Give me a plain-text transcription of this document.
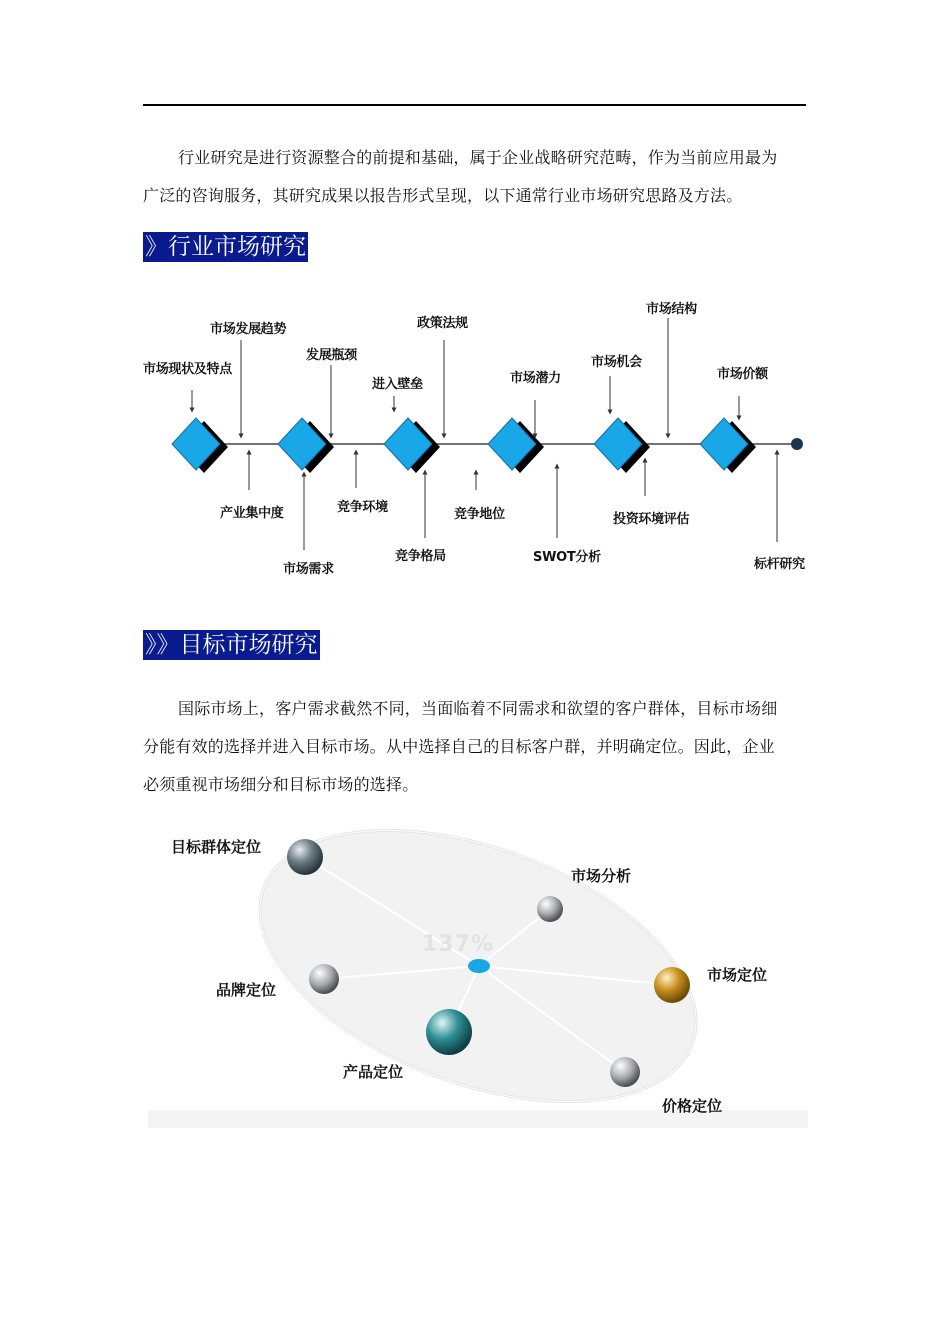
行业研究是进行资源整合的前提和基础，属于企业战略研究范畴，作为当前应用最为
广泛的咨询服务，其研究成果以报告形式呈现，以下通常行业市场研究思路及方法。

》行业市场研究
市场现状及特点
市场发展趋势
发展瓶颈
进入壁垒
政策法规
市场潜力
市场机会
市场结构
市场价额
产业集中度
市场需求
竞争环境
竞争格局
竞争地位
SWOT分析
投资环境评估
标杆研究
》》目标市场研究

国际市场上，客户需求截然不同，当面临着不同需求和欲望的客户群体，目标市场细
分能有效的选择并进入目标市场。从中选择自己的目标客户群，并明确定位。因此，企业
必须重视市场细分和目标市场的选择。

137%
目标群体定位
市场分析
品牌定位
市场定位
产品定位
价格定位
